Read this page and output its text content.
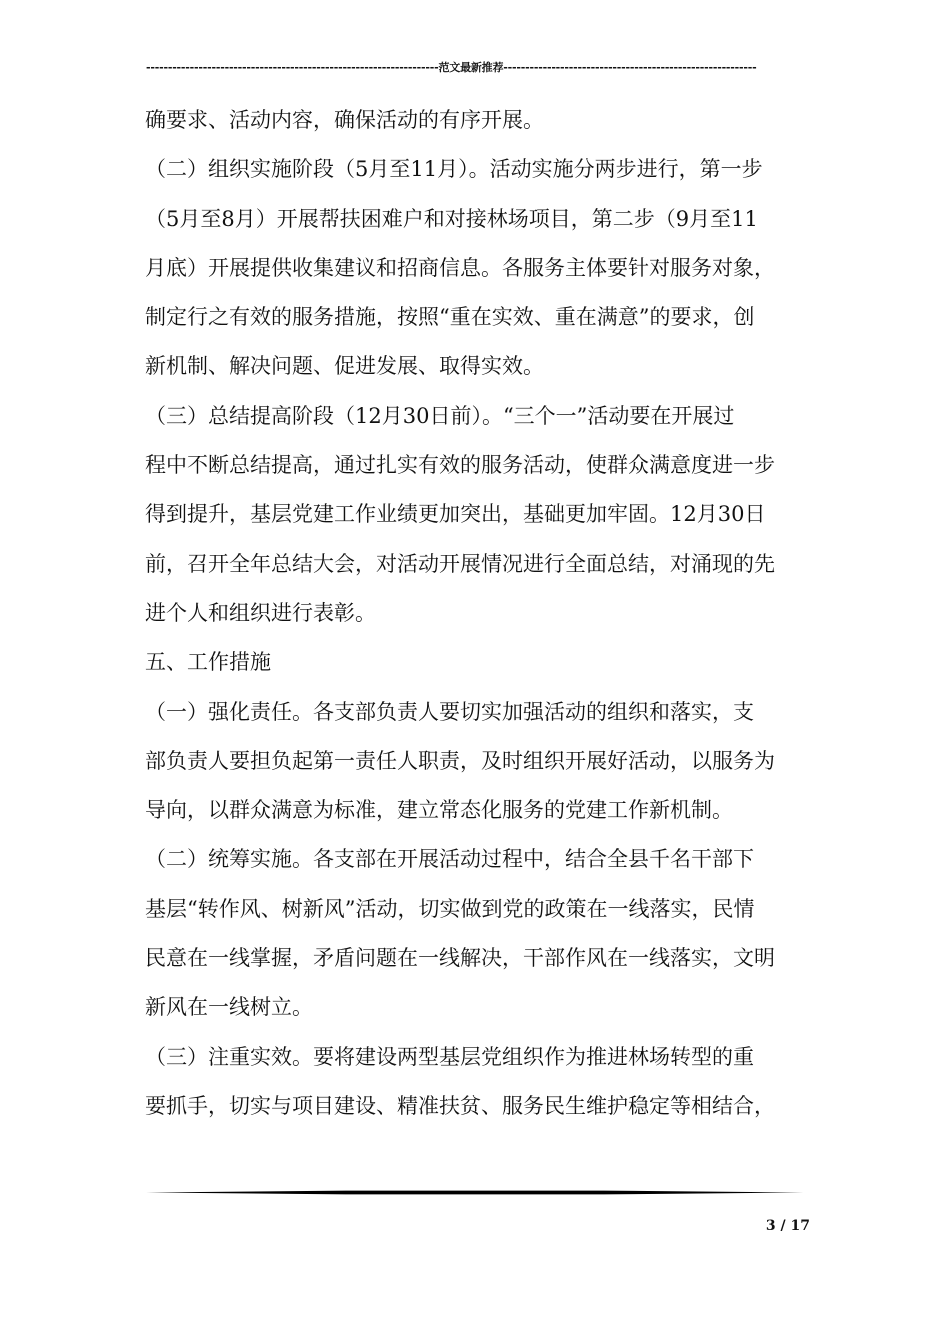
-------------------------------------------------------------------范文最新推荐----------------------------------------------------------
确要求、活动内容，确保活动的有序开展。
（二）组织实施阶段（5月至11月）。活动实施分两步进行，第一步
（5月至8月）开展帮扶困难户和对接林场项目，第二步（9月至11
月底）开展提供收集建议和招商信息。各服务主体要针对服务对象，
制定行之有效的服务措施，按照“重在实效、重在满意”的要求，创
新机制、解决问题、促进发展、取得实效。
（三）总结提高阶段（12月30日前）。“三个一”活动要在开展过
程中不断总结提高，通过扎实有效的服务活动，使群众满意度进一步
得到提升，基层党建工作业绩更加突出，基础更加牢固。12月30日
前，召开全年总结大会，对活动开展情况进行全面总结，对涌现的先
进个人和组织进行表彰。
五、工作措施
（一）强化责任。各支部负责人要切实加强活动的组织和落实，支
部负责人要担负起第一责任人职责，及时组织开展好活动，以服务为
导向，以群众满意为标准，建立常态化服务的党建工作新机制。
（二）统筹实施。各支部在开展活动过程中，结合全县千名干部下
基层“转作风、树新风”活动，切实做到党的政策在一线落实，民情
民意在一线掌握，矛盾问题在一线解决，干部作风在一线落实，文明
新风在一线树立。
（三）注重实效。要将建设两型基层党组织作为推进林场转型的重
要抓手，切实与项目建设、精准扶贫、服务民生维护稳定等相结合，
3 / 17
